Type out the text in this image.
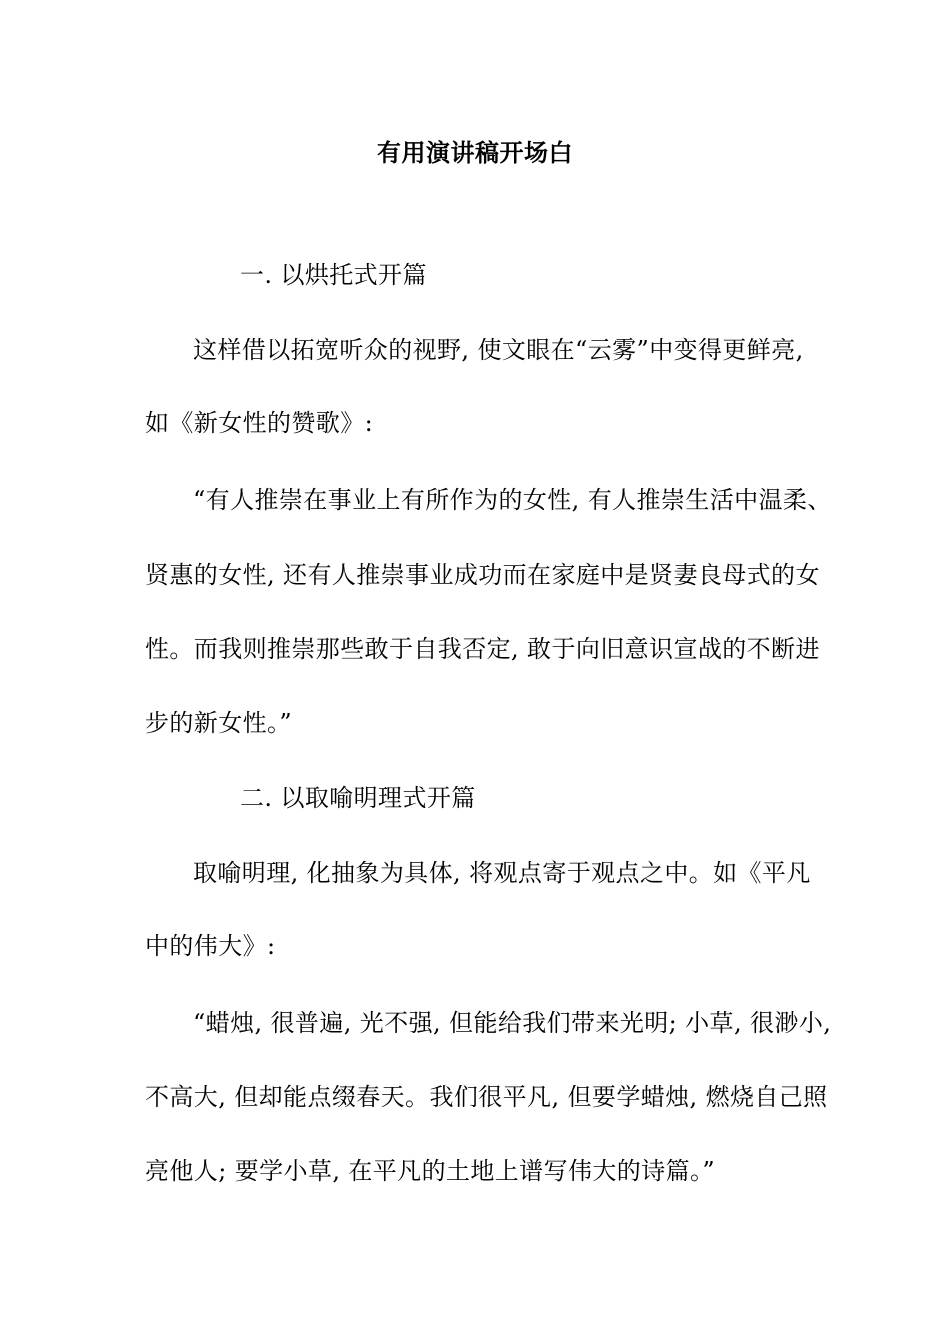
有用演讲稿开场白
一. 以烘托式开篇
这样借以拓宽听众的视野, 使文眼在“云雾”中变得更鲜亮,
如《新女性的赞歌》:
“有人推崇在事业上有所作为的女性, 有人推崇生活中温柔、
贤惠的女性, 还有人推崇事业成功而在家庭中是贤妻良母式的女
性。而我则推崇那些敢于自我否定, 敢于向旧意识宣战的不断进
步的新女性。”
二. 以取喻明理式开篇
取喻明理, 化抽象为具体, 将观点寄于观点之中。如《平凡
中的伟大》:
“蜡烛, 很普遍, 光不强, 但能给我们带来光明; 小草, 很渺小,
不高大, 但却能点缀春天。我们很平凡, 但要学蜡烛, 燃烧自己照
亮他人; 要学小草, 在平凡的土地上谱写伟大的诗篇。”
